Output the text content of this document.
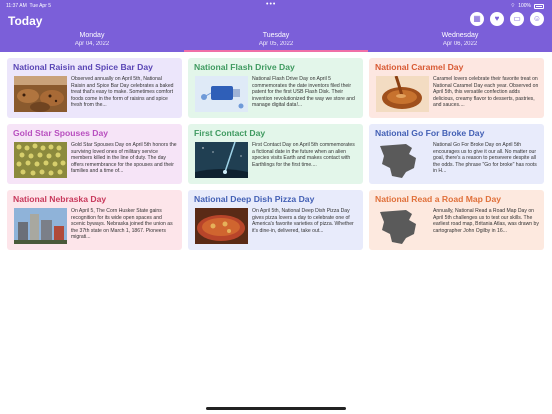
11:37 AM Tue Apr 5	•••	⌔ 100%
Today	▦ ♥ ▭ ☺
Monday
Apr 04, 2022
Tuesday
Apr 05, 2022
Wednesday
Apr 06, 2022
National Raisin and Spice Bar Day
Observed annually on April 5th, National Raisin and Spice Bar Day celebrates a baked treat that's easy to make. Sometimes comfort foods come in the form of raisins and spice fresh from the...
National Flash Drive Day
National Flash Drive Day on April 5 commemorates the date inventors filed their patent for the first USB Flash Disk. Their invention revolutionized the way we store and manage digital data!...
National Caramel Day
Caramel lovers celebrate their favorite treat on National Caramel Day each year. Observed on April 5th, this versatile confection adds delicious, creamy flavor to desserts, pastries, and sauces....
Gold Star Spouses Day
Gold Star Spouses Day on April 5th honors the surviving loved ones of military service members killed in the line of duty. The day offers remembrance for the spouses and their families and a time of...
First Contact Day
First Contact Day on April 5th commemorates a fictional date in the future when an alien species visits Earth and makes contact with Earthlings for the first time....
National Go For Broke Day
National Go For Broke Day on April 5th encourages us to give it our all. No matter our goal, there's a reason to persevere despite all the odds. The phrase "Go for broke" has roots in H...
National Nebraska Day
On April 5, The Corn Husker State gains recognition for its wide open spaces and scenic byways. Nebraska joined the union as the 37th state on March 1, 1867. Pioneers migrati...
National Deep Dish Pizza Day
On April 5th, National Deep Dish Pizza Day gives pizza lovers a day to celebrate one of America's favorite varieties of pizza. Whether it's dine-in, delivered, take out...
National Read a Road Map Day
Annually, National Read a Road Map Day on April 5th challenges us to test our skills. The earliest road map, Britania Atlas, was drawn by cartographer John Ogilby in 16...
